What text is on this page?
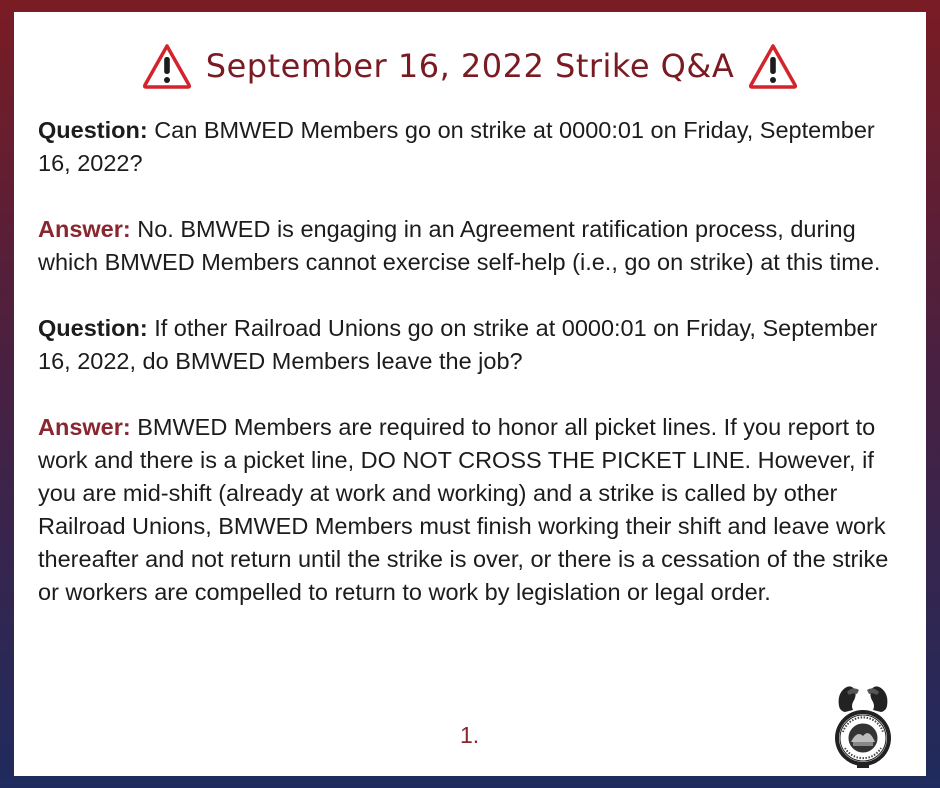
September 16, 2022 Strike Q&A

Question: Can BMWED Members go on strike at 0000:01 on Friday, September 16, 2022?

Answer: No. BMWED is engaging in an Agreement ratification process, during which BMWED Members cannot exercise self-help (i.e., go on strike) at this time.

Question: If other Railroad Unions go on strike at 0000:01 on Friday, September 16, 2022, do BMWED Members leave the job?

Answer: BMWED Members are required to honor all picket lines. If you report to work and there is a picket line, DO NOT CROSS THE PICKET LINE. However, if you are mid-shift (already at work and working) and a strike is called by other Railroad Unions, BMWED Members must finish working their shift and leave work thereafter and not return until the strike is over, or there is a cessation of the strike or workers are compelled to return to work by legislation or legal order.

1.
